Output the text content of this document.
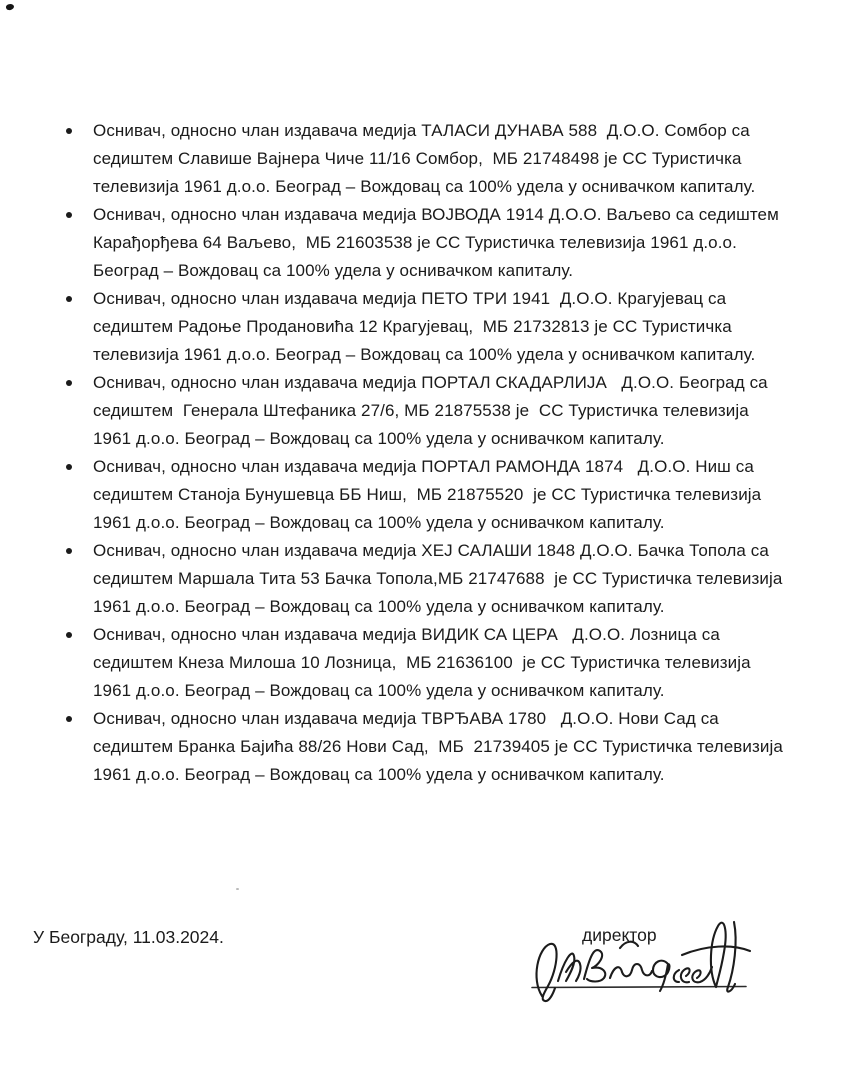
Оснивач, односно члан издавача медија ТАЛАСИ ДУНАВА 588  Д.О.О. Сомбор са
седиштем Славише Вајнера Чиче 11/16 Сомбор,  МБ 21748498 је СС Туристичка
телевизија 1961 д.о.о. Београд – Вождовац са 100% удела у оснивачком капиталу.
Оснивач, односно члан издавача медија ВОЈВОДА 1914 Д.О.О. Ваљево са седиштем
Карађорђева 64 Ваљево,  МБ 21603538 је СС Туристичка телевизија 1961 д.о.о.
Београд – Вождовац са 100% удела у оснивачком капиталу.
Оснивач, односно члан издавача медија ПЕТО ТРИ 1941  Д.О.О. Крагујевац са
седиштем Радоње Продановића 12 Крагујевац,  МБ 21732813 је СС Туристичка
телевизија 1961 д.о.о. Београд – Вождовац са 100% удела у оснивачком капиталу.
Оснивач, односно члан издавача медија ПОРТАЛ СКАДАРЛИЈА   Д.О.О. Београд са
седиштем  Генерала Штефаника 27/6, МБ 21875538 је  СС Туристичка телевизија
1961 д.о.о. Београд – Вождовац са 100% удела у оснивачком капиталу.
Оснивач, односно члан издавача медија ПОРТАЛ РАМОНДА 1874   Д.О.О. Ниш са
седиштем Станоја Бунушевца ББ Ниш,  МБ 21875520  је СС Туристичка телевизија
1961 д.о.о. Београд – Вождовац са 100% удела у оснивачком капиталу.
Оснивач, односно члан издавача медија ХЕЈ САЛАШИ 1848 Д.О.О. Бачка Топола са
седиштем Маршала Тита 53 Бачка Топола,МБ 21747688  је СС Туристичка телевизија
1961 д.о.о. Београд – Вождовац са 100% удела у оснивачком капиталу.
Оснивач, односно члан издавача медија ВИДИК СА ЦЕРА   Д.О.О. Лозница са
седиштем Кнеза Милоша 10 Лозница,  МБ 21636100  је СС Туристичка телевизија
1961 д.о.о. Београд – Вождовац са 100% удела у оснивачком капиталу.
Оснивач, односно члан издавача медија ТВРЂАВА 1780   Д.О.О. Нови Сад са
седиштем Бранка Бајића 88/26 Нови Сад,  МБ  21739405 је СС Туристичка телевизија
1961 д.о.о. Београд – Вождовац са 100% удела у оснивачком капиталу.
У Београду, 11.03.2024.	директор
